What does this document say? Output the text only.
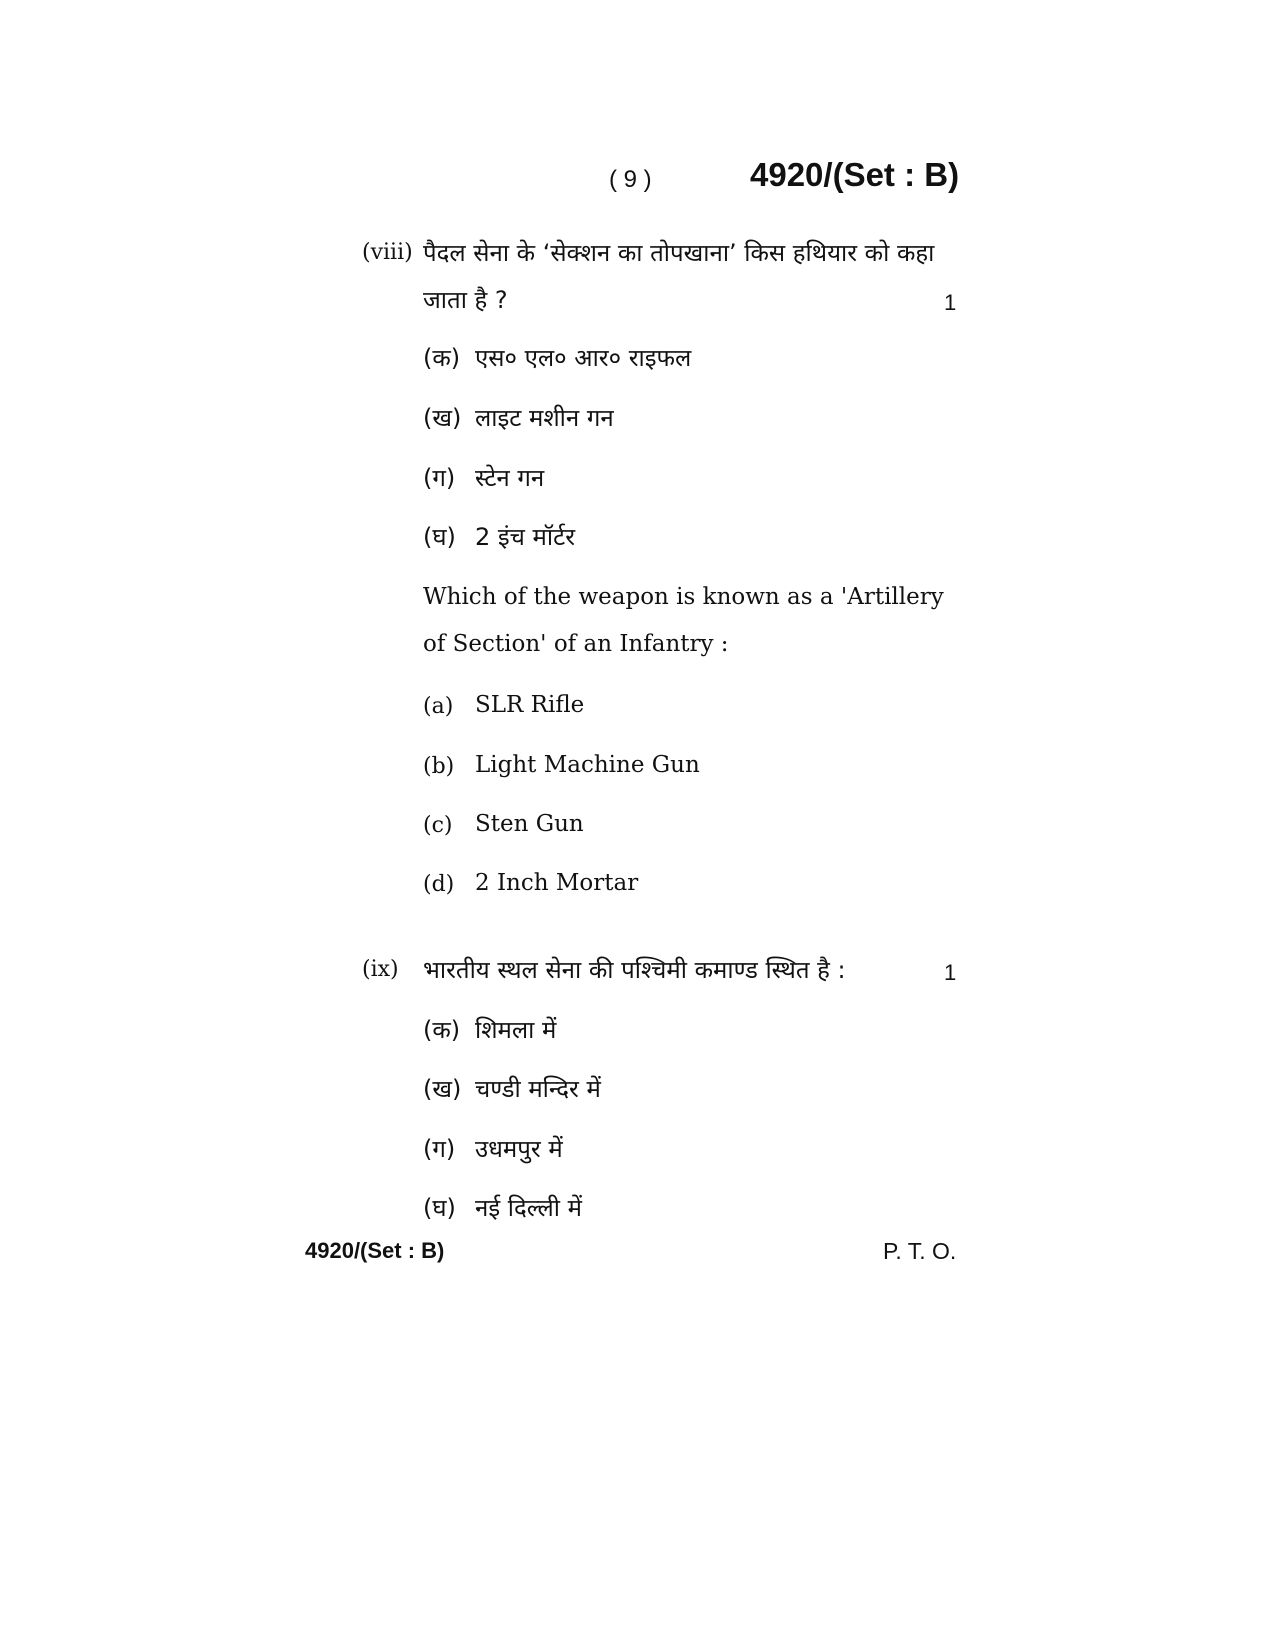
( 9 )	4920/(Set : B)
(viii) पैदल सेना के ‘सेक्शन का तोपखाना’ किस हथियार को कहा
जाता है ?	1
(क) एस० एल० आर० राइफल
(ख) लाइट मशीन गन
(ग) स्टेन गन
(घ) 2 इंच मॉर्टर
Which of the weapon is known as a 'Artillery
of Section' of an Infantry :
(a) SLR Rifle
(b) Light Machine Gun
(c) Sten Gun
(d) 2 Inch Mortar
(ix) भारतीय स्थल सेना की पश्चिमी कमाण्ड स्थित है :	1
(क) शिमला में
(ख) चण्डी मन्दिर में
(ग) उधमपुर में
(घ) नई दिल्ली में
4920/(Set : B)	P. T. O.
